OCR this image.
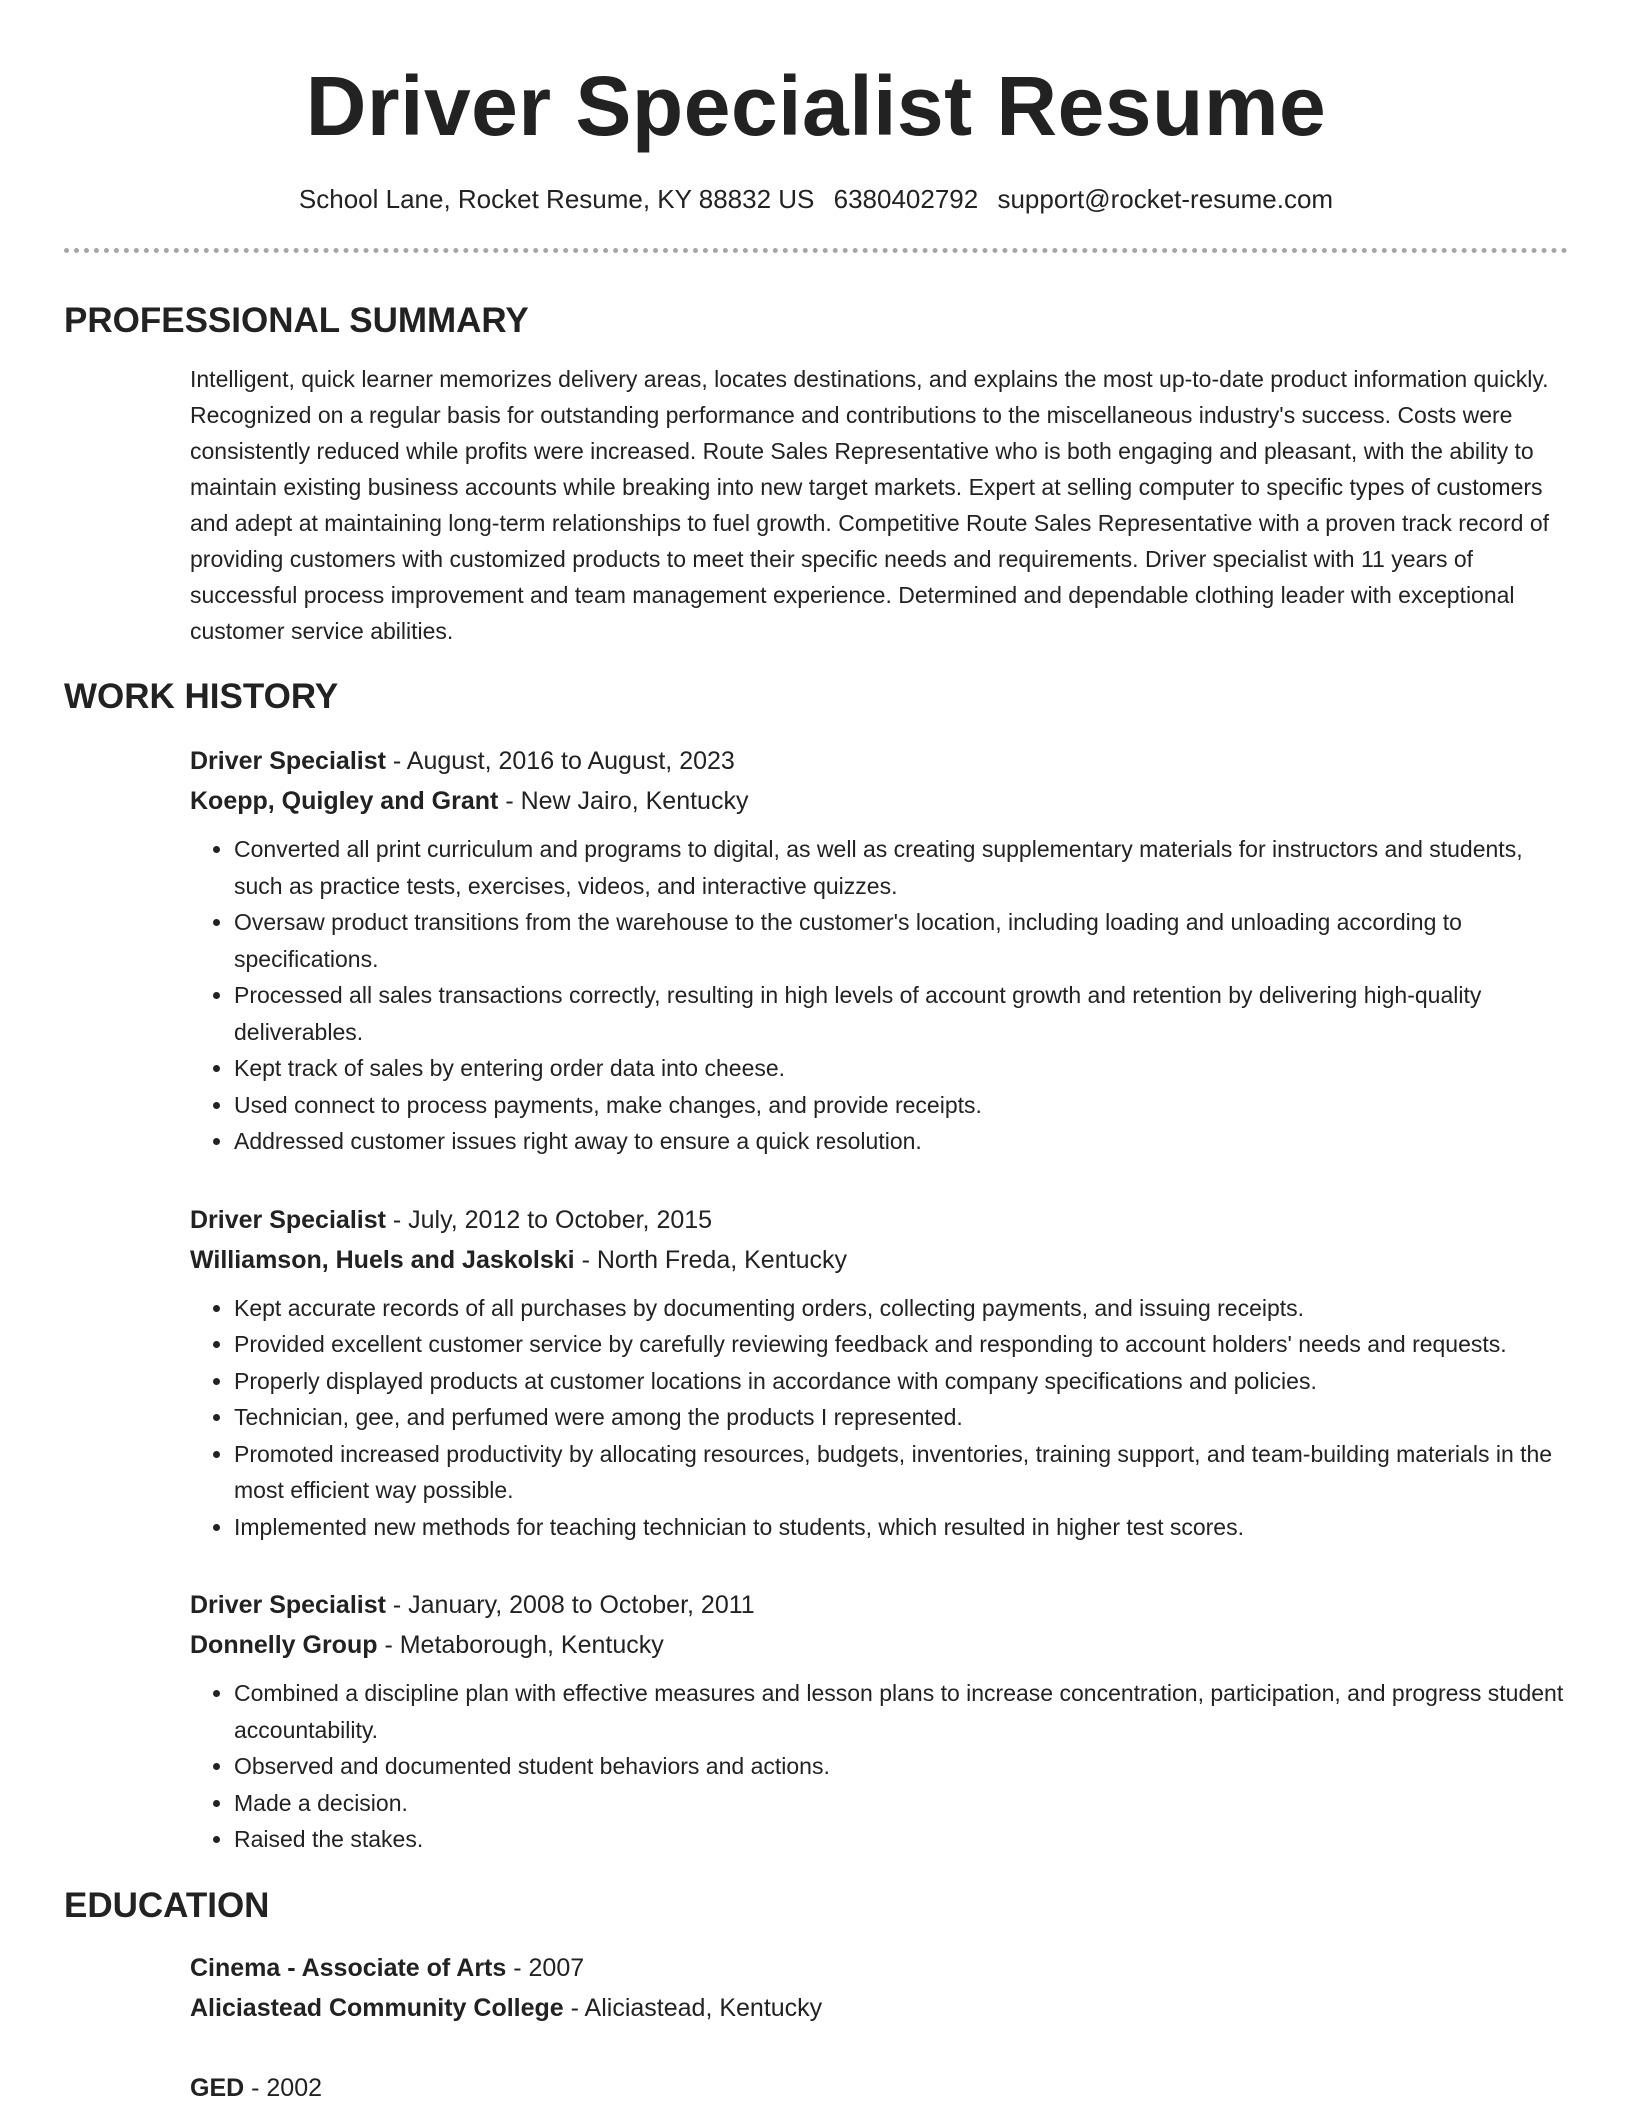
Driver Specialist Resume
School Lane, Rocket Resume, KY 88832 US 6380402792 support@rocket-resume.com
PROFESSIONAL SUMMARY
Intelligent, quick learner memorizes delivery areas, locates destinations, and explains the most up-to-date product information quickly. Recognized on a regular basis for outstanding performance and contributions to the miscellaneous industry's success. Costs were consistently reduced while profits were increased. Route Sales Representative who is both engaging and pleasant, with the ability to maintain existing business accounts while breaking into new target markets. Expert at selling computer to specific types of customers and adept at maintaining long-term relationships to fuel growth. Competitive Route Sales Representative with a proven track record of providing customers with customized products to meet their specific needs and requirements. Driver specialist with 11 years of successful process improvement and team management experience. Determined and dependable clothing leader with exceptional customer service abilities.
WORK HISTORY
Driver Specialist - August, 2016 to August, 2023
Koepp, Quigley and Grant - New Jairo, Kentucky
• Converted all print curriculum and programs to digital, as well as creating supplementary materials for instructors and students, such as practice tests, exercises, videos, and interactive quizzes.
• Oversaw product transitions from the warehouse to the customer's location, including loading and unloading according to specifications.
• Processed all sales transactions correctly, resulting in high levels of account growth and retention by delivering high-quality deliverables.
• Kept track of sales by entering order data into cheese.
• Used connect to process payments, make changes, and provide receipts.
• Addressed customer issues right away to ensure a quick resolution.
Driver Specialist - July, 2012 to October, 2015
Williamson, Huels and Jaskolski - North Freda, Kentucky
• Kept accurate records of all purchases by documenting orders, collecting payments, and issuing receipts.
• Provided excellent customer service by carefully reviewing feedback and responding to account holders' needs and requests.
• Properly displayed products at customer locations in accordance with company specifications and policies.
• Technician, gee, and perfumed were among the products I represented.
• Promoted increased productivity by allocating resources, budgets, inventories, training support, and team-building materials in the most efficient way possible.
• Implemented new methods for teaching technician to students, which resulted in higher test scores.
Driver Specialist - January, 2008 to October, 2011
Donnelly Group - Metaborough, Kentucky
• Combined a discipline plan with effective measures and lesson plans to increase concentration, participation, and progress student accountability.
• Observed and documented student behaviors and actions.
• Made a decision.
• Raised the stakes.
EDUCATION
Cinema - Associate of Arts - 2007
Aliciastead Community College - Aliciastead, Kentucky
GED - 2002
